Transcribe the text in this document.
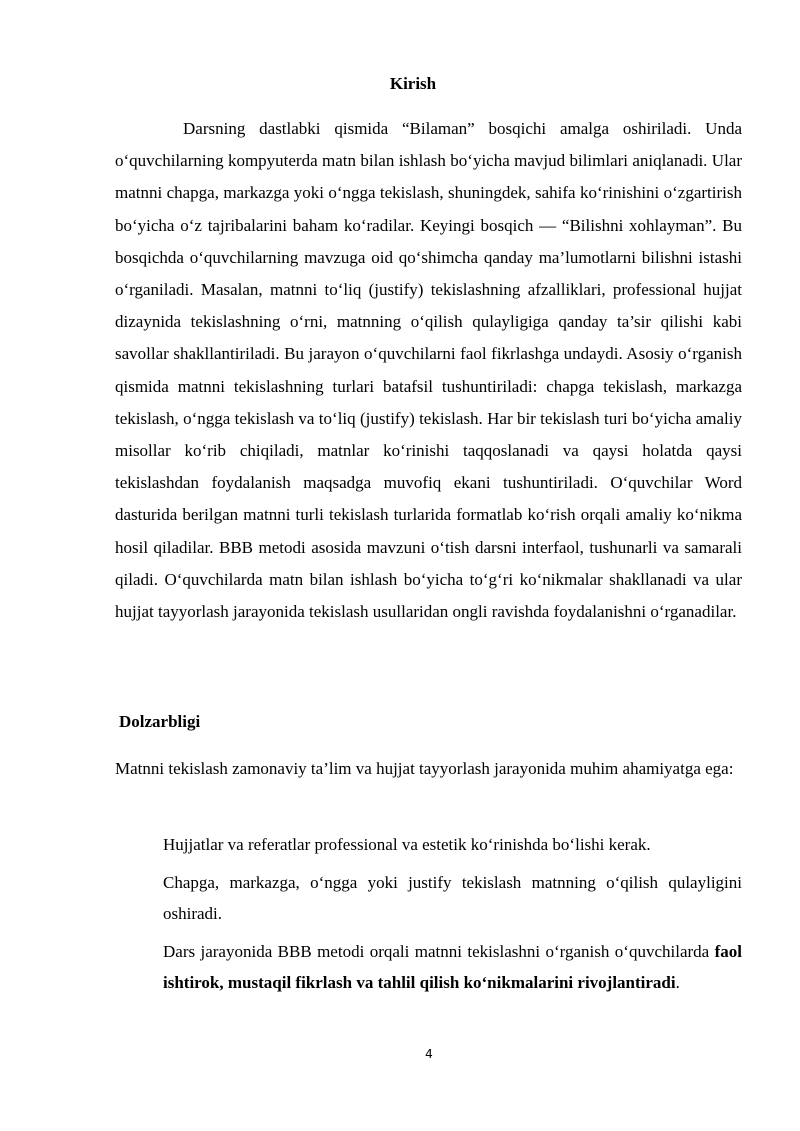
Kirish

Darsning dastlabki qismida “Bilaman” bosqichi amalga oshiriladi. Unda o‘quvchilarning kompyuterda matn bilan ishlash bo‘yicha mavjud bilimlari aniqlanadi. Ular matnni chapga, markazga yoki o‘ngga tekislash, shuningdek, sahifa ko‘rinishini o‘zgartirish bo‘yicha o‘z tajribalarini baham ko‘radilar. Keyingi bosqich — “Bilishni xohlayman”. Bu bosqichda o‘quvchilarning mavzuga oid qo‘shimcha qanday ma’lumotlarni bilishni istashi o‘rganiladi. Masalan, matnni to‘liq (justify) tekislashning afzalliklari, professional hujjat dizaynida tekislashning o‘rni, matnning o‘qilish qulayligiga qanday ta’sir qilishi kabi savollar shakllantiriladi. Bu jarayon o‘quvchilarni faol fikrlashga undaydi. Asosiy o‘rganish qismida matnni tekislashning turlari batafsil tushuntiriladi: chapga tekislash, markazga tekislash, o‘ngga tekislash va to‘liq (justify) tekislash. Har bir tekislash turi bo‘yicha amaliy misollar ko‘rib chiqiladi, matnlar ko‘rinishi taqqoslanadi va qaysi holatda qaysi tekislashdan foydalanish maqsadga muvofiq ekani tushuntiriladi. O‘quvchilar Word dasturida berilgan matnni turli tekislash turlarida formatlab ko‘rish orqali amaliy ko‘nikma hosil qiladilar. BBB metodi asosida mavzuni o‘tish darsni interfaol, tushunarli va samarali qiladi. O‘quvchilarda matn bilan ishlash bo‘yicha to‘g‘ri ko‘nikmalar shakllanadi va ular hujjat tayyorlash jarayonida tekislash usullaridan ongli ravishda foydalanishni o‘rganadilar.

Dolzarbligi

Matnni tekislash zamonaviy ta’lim va hujjat tayyorlash jarayonida muhim ahamiyatga ega:

Hujjatlar va referatlar professional va estetik ko‘rinishda bo‘lishi kerak.
Chapga, markazga, o‘ngga yoki justify tekislash matnning o‘qilish qulayligini oshiradi.
Dars jarayonida BBB metodi orqali matnni tekislashni o‘rganish o‘quvchilarda faol ishtirok, mustaqil fikrlash va tahlil qilish ko‘nikmalarini rivojlantiradi.
4
